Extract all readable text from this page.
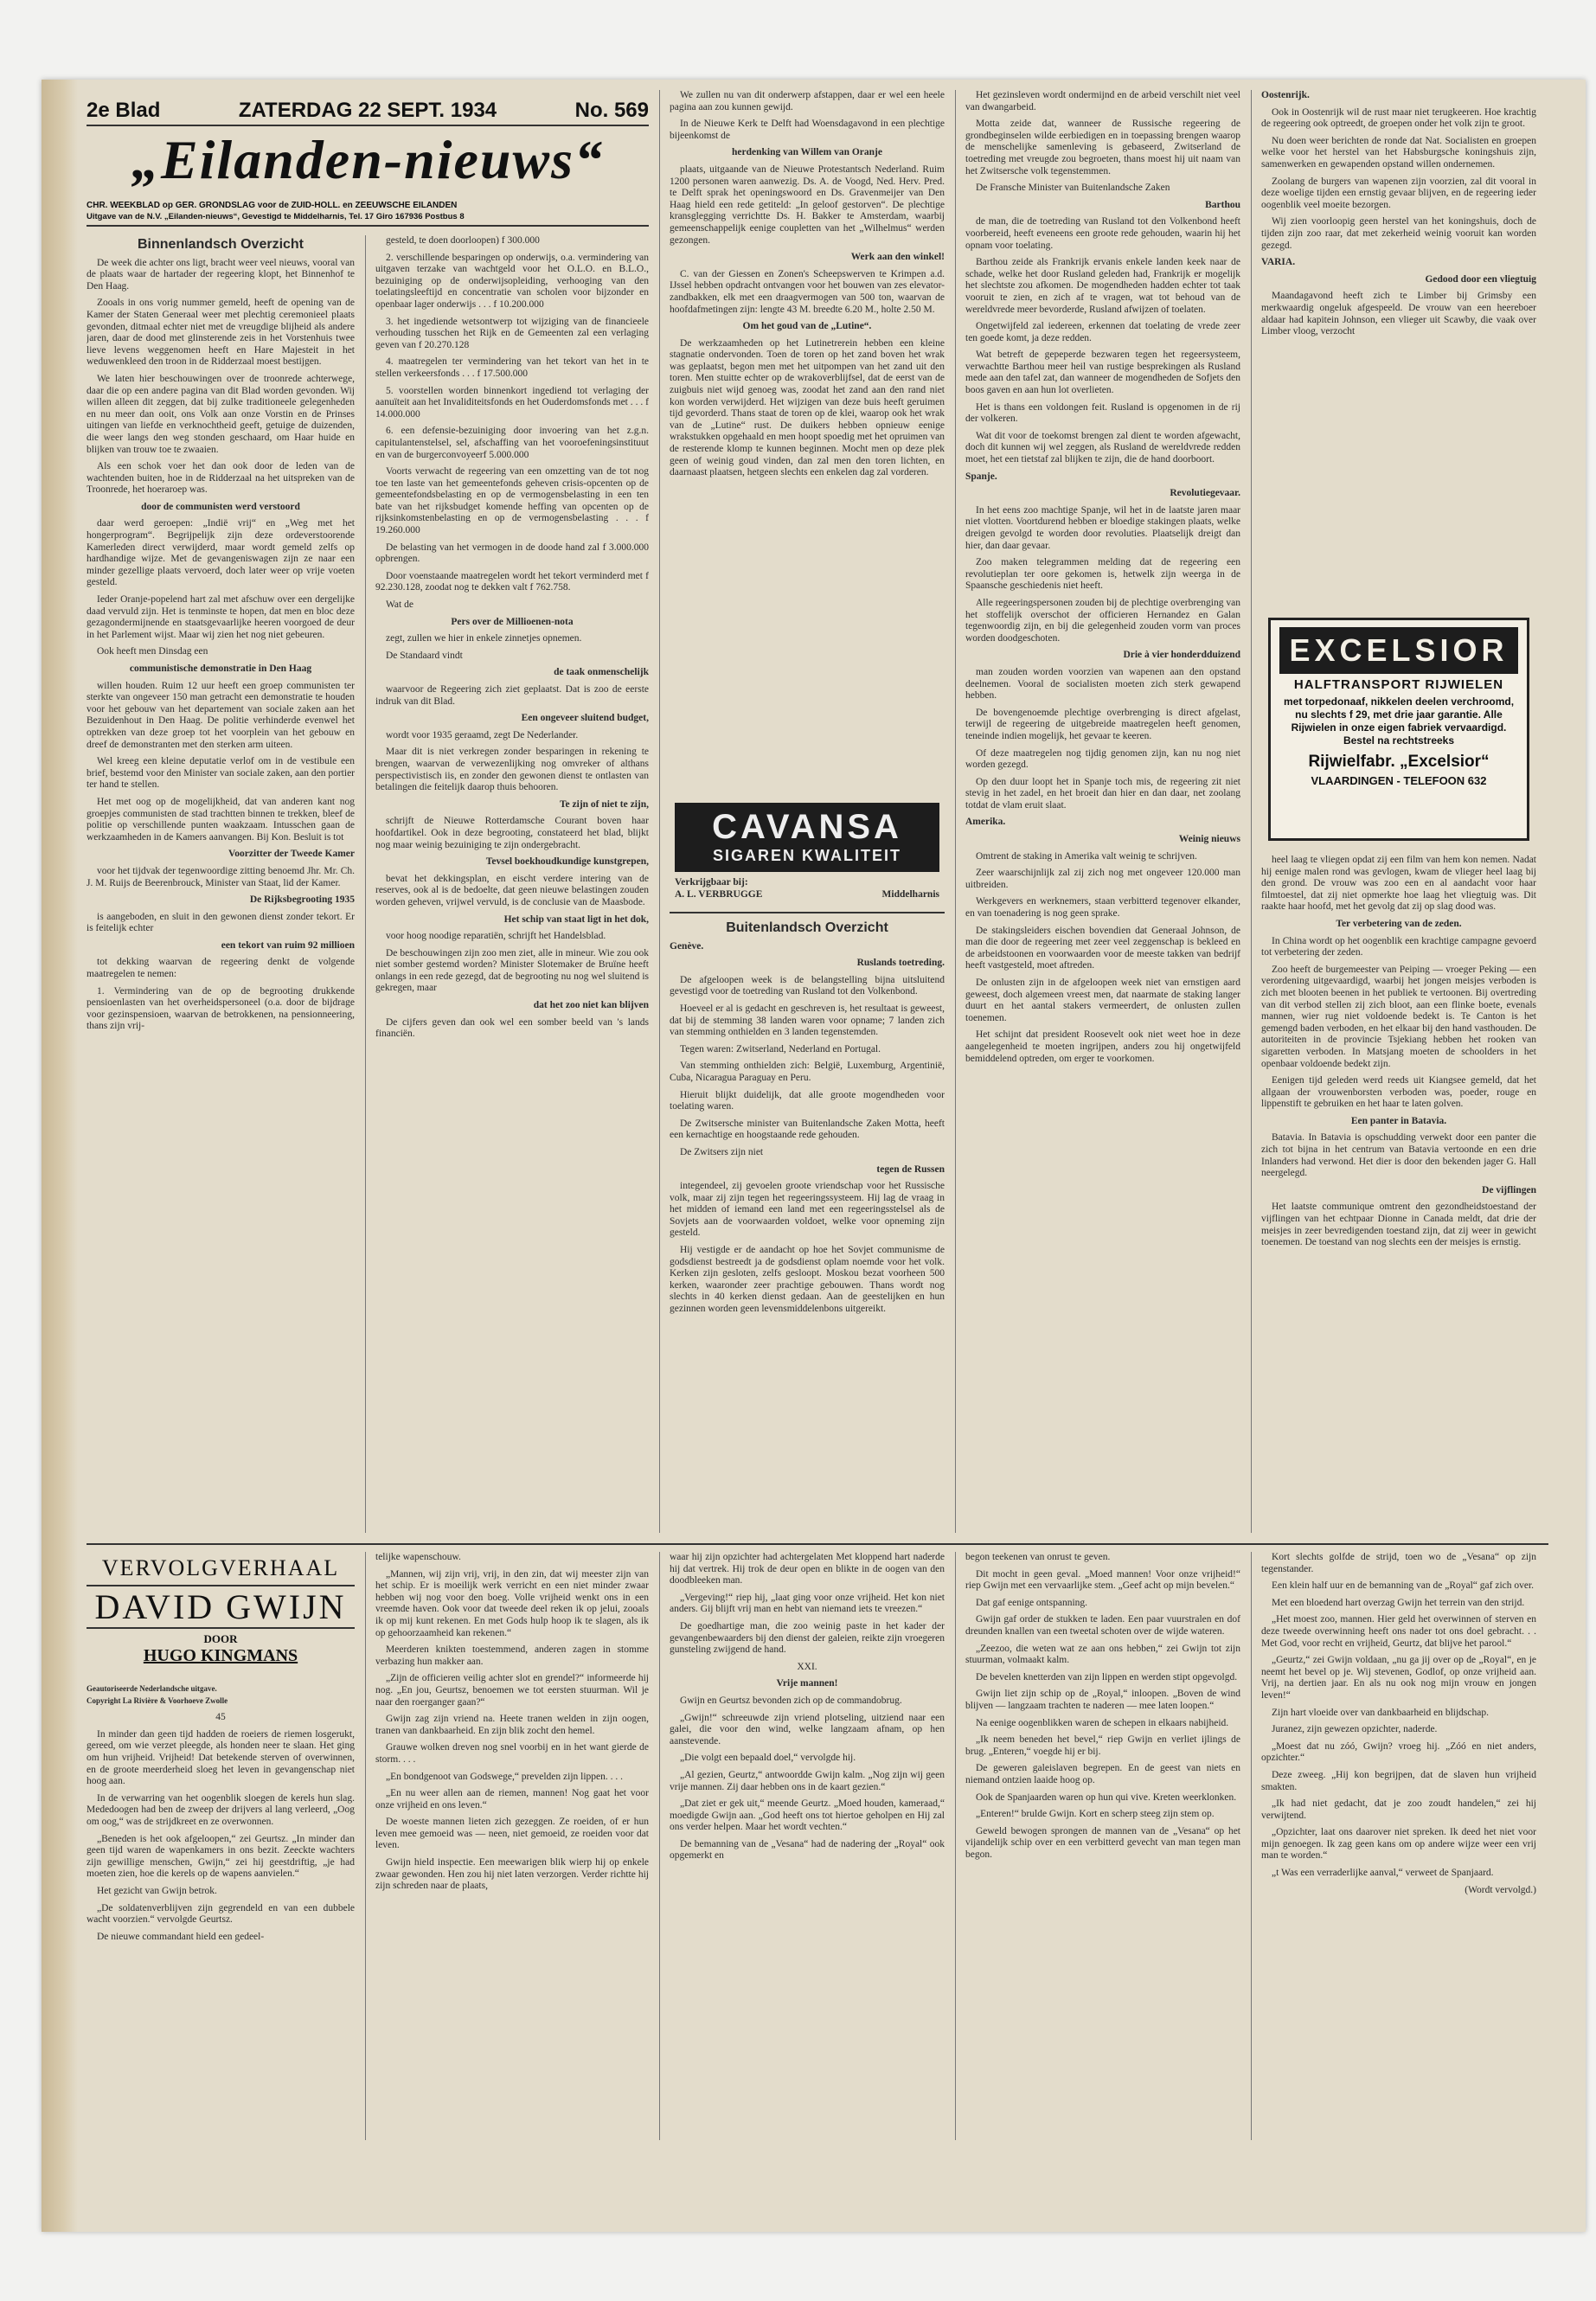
2e Blad	ZATERDAG 22 SEPT. 1934	No. 569
„Eilanden-nieuws“
CHR. WEEKBLAD op GER. GRONDSLAG voor de ZUID-HOLL. en ZEEUWSCHE EILANDEN
Uitgave van de N.V. „Eilanden-nieuws“, Gevestigd te Middelharnis, Tel. 17 Giro 167936 Postbus 8
Binnenlandsch Overzicht

De week die achter ons ligt, bracht weer veel nieuws, vooral van de plaats waar de hartader der regeering klopt, het Binnenhof te Den Haag.

Zooals in ons vorig nummer gemeld, heeft de opening van de Kamer der Staten Generaal weer met plechtig ceremonieel plaats gevonden, ditmaal echter niet met de vreugdige blijheid als andere jaren, daar de dood met glinsterende zeis in het Vorstenhuis twee lieve levens weggenomen heeft en Hare Majesteit in het weduwenkleed den troon in de Ridderzaal moest bestijgen.

We laten hier beschouwingen over de troonrede achterwege, daar die op een andere pagina van dit Blad worden gevonden. Wij willen alleen dit zeggen, dat bij zulke traditioneele gelegenheden en nu meer dan ooit, ons Volk aan onze Vorstin en de Prinses uitingen van liefde en verknochtheid geeft, getuige de duizenden, die weer langs den weg stonden geschaard, om Haar huide en blijken van trouw toe te zwaaien.

Als een schok voer het dan ook door de leden van de wachtenden buiten, hoe in de Ridderzaal na het uitspreken van de Troonrede, het hoeraroep was.

door de communisten werd verstoord

daar werd geroepen: „Indië vrij“ en „Weg met het hongerprogram“. Begrijpelijk zijn deze ordeverstoorende Kamerleden direct verwijderd, maar wordt gemeld zelfs op hardhandige wijze. Met de gevangeniswagen zijn ze naar een minder gezellige plaats vervoerd, doch later weer op vrije voeten gesteld.

Ieder Oranje-popelend hart zal met afschuw over een dergelijke daad vervuld zijn. Het is tenminste te hopen, dat men en bloc deze gezagondermijnende en staatsgevaarlijke heeren voorgoed de deur in het Parlement wijst. Maar wij zien het nog niet gebeuren.

Ook heeft men Dinsdag een

communistische demonstratie in Den Haag

willen houden. Ruim 12 uur heeft een groep communisten ter sterkte van ongeveer 150 man getracht een demonstratie te houden voor het gebouw van het departement van sociale zaken aan het Bezuidenhout in Den Haag. De politie verhinderde evenwel het optrekken van deze groep tot het voorplein van het gebouw en dreef de demonstranten met den sterken arm uiteen.

Wel kreeg een kleine deputatie verlof om in de vestibule een brief, bestemd voor den Minister van sociale zaken, aan den portier ter hand te stellen.

Het met oog op de mogelijkheid, dat van anderen kant nog groepjes communisten de stad trachtten binnen te trekken, bleef de politie op verschillende punten waakzaam. Intusschen gaan de werkzaamheden in de Kamers aanvangen. Bij Kon. Besluit is tot

Voorzitter der Tweede Kamer

voor het tijdvak der tegenwoordige zitting benoemd Jhr. Mr. Ch. J. M. Ruijs de Beerenbrouck, Minister van Staat, lid der Kamer.

De Rijksbegrooting 1935

is aangeboden, en sluit in den gewonen dienst zonder tekort. Er is feitelijk echter

een tekort van ruim 92 millioen

tot dekking waarvan de regeering denkt de volgende maatregelen te nemen:

1. Vermindering van de op de begrooting drukkende pensioenlasten van het overheidspersoneel (o.a. door de bijdrage voor gezinspensioen, waarvan de betrokkenen, na pensionneering, thans zijn vrij-

gesteld, te doen doorloopen) f 300.000

2. verschillende besparingen op onderwijs, o.a. vermindering van uitgaven terzake van wachtgeld voor het O.L.O. en B.L.O., bezuiniging op de onderwijsopleiding, verhooging van den toelatingsleeftijd en concentratie van scholen voor bijzonder en openbaar lager onderwijs . . . f 10.200.000

3. het ingediende wetsontwerp tot wijziging van de financieele verhouding tusschen het Rijk en de Gemeenten zal een verlaging geven van f 20.270.128

4. maatregelen ter vermindering van het tekort van het in te stellen verkeersfonds . . . f 17.500.000

5. voorstellen worden binnenkort ingediend tot verlaging der aanuïteit aan het Invaliditeitsfonds en het Ouderdomsfonds met . . . f 14.000.000

6. een defensie-bezuiniging door invoering van het z.g.n. capitulantenstelsel, sel, afschaffing van het vooroefeningsinstituut en van de burgerconvoyeerf 5.000.000

Voorts verwacht de regeering van een omzetting van de tot nog toe ten laste van het gemeentefonds geheven crisis-opcenten op de gemeentefondsbelasting en op de vermogensbelasting in een ten bate van het rijksbudget komende heffing van opcenten op de rijksinkomstenbelasting en op de vermogensbelasting . . . f 19.260.000

De belasting van het vermogen in de doode hand zal f 3.000.000 opbrengen.

Door voenstaande maatregelen wordt het tekort verminderd met f 92.230.128, zoodat nog te dekken valt f 762.758.

Wat de

Pers over de Millioenen-nota

zegt, zullen we hier in enkele zinnetjes opnemen.

De Standaard vindt

de taak onmenschelijk

waarvoor de Regeering zich ziet geplaatst. Dat is zoo de eerste indruk van dit Blad.

Een ongeveer sluitend budget,

wordt voor 1935 geraamd, zegt De Nederlander.

Maar dit is niet verkregen zonder besparingen in rekening te brengen, waarvan de verwezenlijking nog omvreker of althans perspectivistisch iis, en zonder den gewonen dienst te ontlasten van betalingen die feitelijk daarop thuis behooren.

Te zijn of niet te zijn,

schrijft de Nieuwe Rotterdamsche Courant boven haar hoofdartikel. Ook in deze begrooting, constateerd het blad, blijkt nog maar weinig bezuiniging te zijn ondergebracht.

Tevsel boekhoudkundige kunstgrepen,

bevat het dekkingsplan, en eischt verdere intering van de reserves, ook al is de bedoelte, dat geen nieuwe belastingen zouden worden geheven, vrijwel vervuld, is de conclusie van de Maasbode.

Het schip van staat ligt in het dok,

voor hoog noodige reparatiën, schrijft het Handelsblad.

De beschouwingen zijn zoo men ziet, alle in mineur. Wie zou ook niet somber gestemd worden? Minister Slotemaker de Bruïne heeft onlangs in een rede gezegd, dat de begrooting nu nog wel sluitend is gekregen, maar

dat het zoo niet kan blijven

De cijfers geven dan ook wel een somber beeld van 's lands financiën.

We zullen nu van dit onderwerp afstappen, daar er wel een heele pagina aan zou kunnen gewijd.

In de Nieuwe Kerk te Delft had Woensdagavond in een plechtige bijeenkomst de

herdenking van Willem van Oranje

plaats, uitgaande van de Nieuwe Protestantsch Nederland. Ruim 1200 personen waren aanwezig. Ds. A. de Voogd, Ned. Herv. Pred. te Delft sprak het openingswoord en Ds. Gravenmeijer van Den Haag hield een rede getiteld: „In geloof gestorven“. De plechtige kransglegging verrichtte Ds. H. Bakker te Amsterdam, waarbij gemeenschappelijk eenige coupletten van het „Wilhelmus“ werden gezongen.

Werk aan den winkel!

C. van der Giessen en Zonen's Scheepswerven te Krimpen a.d. IJssel hebben opdracht ontvangen voor het bouwen van zes elevator-zandbakken, elk met een draagvermogen van 500 ton, waarvan de hoofdafmetingen zijn: lengte 43 M. breedte 6.20 M., holte 2.50 M.

Om het goud van de „Lutine“.

De werkzaamheden op het Lutinetrerein hebben een kleine stagnatie ondervonden. Toen de toren op het zand boven het wrak was geplaatst, begon men met het uitpompen van het zand uit den toren. Men stuitte echter op de wrakoverblijfsel, dat de eerst van de zuigbuis niet wijd genoeg was, zoodat het zand aan den rand niet kon worden verwijderd. Het wijzigen van deze buis heeft geruimen tijd gevorderd. Thans staat de toren op de klei, waarop ook het wrak van de „Lutine“ rust. De duikers hebben opnieuw eenige wrakstukken opgehaald en men hoopt spoedig met het opruimen van de resterende klomp te kunnen beginnen. Mocht men op deze plek geen of weinig goud vinden, dan zal men den toren lichten, en daarnaast plaatsen, hetgeen slechts een enkelen dag zal vorderen.

CAVANSA
SIGAREN KWALITEIT
Verkrijgbaar bij:
A. L. VERBRUGGE	Middelharnis
Buitenlandsch Overzicht

Genève.

Ruslands toetreding.

De afgeloopen week is de belangstelling bijna uitsluitend gevestigd voor de toetreding van Rusland tot den Volkenbond.

Hoeveel er al is gedacht en geschreven is, het resultaat is geweest, dat bij de stemming 38 landen waren voor opname; 7 landen zich van stemming onthielden en 3 landen tegenstemden.

Tegen waren: Zwitserland, Nederland en Portugal.

Van stemming onthielden zich: België, Luxemburg, Argentinië, Cuba, Nicaragua Paraguay en Peru.

Hieruit blijkt duidelijk, dat alle groote mogendheden voor toelating waren.

De Zwitsersche minister van Buitenlandsche Zaken Motta, heeft een kernachtige en hoogstaande rede gehouden.

De Zwitsers zijn niet

tegen de Russen

integendeel, zij gevoelen groote vriendschap voor het Russische volk, maar zij zijn tegen het regeeringssysteem. Hij lag de vraag in het midden of iemand een land met een regeeringsstelsel als de Sovjets aan de voorwaarden voldoet, welke voor opneming zijn gesteld.

Hij vestigde er de aandacht op hoe het Sovjet communisme de godsdienst bestreedt ja de godsdienst oplam noemde voor het volk. Kerken zijn gesloten, zelfs gesloopt. Moskou bezat voorheen 500 kerken, waaronder zeer prachtige gebouwen. Thans wordt nog slechts in 40 kerken dienst gedaan. Aan de geestelijken en hun gezinnen worden geen levensmiddelenbons uitgereikt.

Het gezinsleven wordt ondermijnd en de arbeid verschilt niet veel van dwangarbeid.

Motta zeide dat, wanneer de Russische regeering de grondbeginselen wilde eerbiedigen en in toepassing brengen waarop de menschelijke samenleving is gebaseerd, Zwitserland de toetreding met vreugde zou begroeten, thans moest hij uit naam van het Zwitsersche volk tegenstemmen.

De Fransche Minister van Buitenlandsche Zaken

Barthou

de man, die de toetreding van Rusland tot den Volkenbond heeft voorbereid, heeft eveneens een groote rede gehouden, waarin hij het opnam voor toelating.

Barthou zeide als Frankrijk ervanis enkele landen keek naar de schade, welke het door Rusland geleden had, Frankrijk er mogelijk het slechtste zou afkomen. De mogendheden hadden echter tot taak vooruit te zien, en zich af te vragen, wat tot behoud van de wereldvrede meer bevorderde, Rusland afwijzen of toelaten.

Ongetwijfeld zal iedereen, erkennen dat toelating de vrede zeer ten goede komt, ja deze redden.

Wat betreft de gepeperde bezwaren tegen het regeersysteem, verwachtte Barthou meer heil van rustige besprekingen als Rusland mede aan den tafel zat, dan wanneer de mogendheden de Sofjets den boos gaven en aan hun lot overlieten.

Het is thans een voldongen feit. Rusland is opgenomen in de rij der volkeren.

Wat dit voor de toekomst brengen zal dient te worden afgewacht, doch dit kunnen wij wel zeggen, als Rusland de wereldvrede redden moet, het een tietstaf zal blijken te zijn, die de hand doorboort.

Spanje.

Revolutiegevaar.

In het eens zoo machtige Spanje, wil het in de laatste jaren maar niet vlotten. Voortdurend hebben er bloedige stakingen plaats, welke dreigen gevolgd te worden door revoluties. Plaatselijk dreigt dan hier, dan daar gevaar.

Zoo maken telegrammen melding dat de regeering een revolutieplan ter oore gekomen is, hetwelk zijn weerga in de Spaansche geschiedenis niet heeft.

Alle regeeringspersonen zouden bij de plechtige overbrenging van het stoffelijk overschot der officieren Hernandez en Galan tegenwoordig zijn, en bij die gelegenheid zouden vorm van proces worden doodgeschoten.

Drie à vier honderdduizend

man zouden worden voorzien van wapenen aan den opstand deelnemen. Vooral de socialisten moeten zich sterk gewapend hebben.

De bovengenoemde plechtige overbrenging is direct afgelast, terwijl de regeering de uitgebreide maatregelen heeft genomen, teneinde indien mogelijk, het gevaar te keeren.

Of deze maatregelen nog tijdig genomen zijn, kan nu nog niet worden gezegd.

Op den duur loopt het in Spanje toch mis, de regeering zit niet stevig in het zadel, en het broeit dan hier en dan daar, net zoolang totdat de vlam eruit slaat.

Amerika.

Weinig nieuws

Omtrent de staking in Amerika valt weinig te schrijven.

Zeer waarschijnlijk zal zij zich nog met ongeveer 120.000 man uitbreiden.

Werkgevers en werknemers, staan verbitterd tegenover elkander, en van toenadering is nog geen sprake.

De stakingsleiders eischen bovendien dat Generaal Johnson, de man die door de regeering met zeer veel zeggenschap is bekleed en de arbeidstoonen en voorwaarden voor de meeste takken van bedrijf heeft vastgesteld, moet aftreden.

De onlusten zijn in de afgeloopen week niet van ernstigen aard geweest, doch algemeen vreest men, dat naarmate de staking langer duurt en het aantal stakers vermeerdert, de onlusten zullen toenemen.

Het schijnt dat president Roosevelt ook niet weet hoe in deze aangelegenheid te moeten ingrijpen, anders zou hij ongetwijfeld bemiddelend optreden, om erger te voorkomen.

Oostenrijk.

Ook in Oostenrijk wil de rust maar niet terugkeeren. Hoe krachtig de regeering ook optreedt, de groepen onder het volk zijn te groot.

Nu doen weer berichten de ronde dat Nat. Socialisten en groepen welke voor het herstel van het Habsburgsche koningshuis zijn, samenwerken en gewapenden opstand willen ondernemen.

Zoolang de burgers van wapenen zijn voorzien, zal dit vooral in deze woelige tijden een ernstig gevaar blijven, en de regeering ieder oogenblik veel moeite bezorgen.

Wij zien voorloopig geen herstel van het koningshuis, doch de tijden zijn zoo raar, dat met zekerheid weinig vooruit kan worden gezegd.

VARIA.

Gedood door een vliegtuig

Maandagavond heeft zich te Limber bij Grimsby een merkwaardig ongeluk afgespeeld. De vrouw van een heereboer aldaar had kapitein Johnson, een vlieger uit Scawby, die vaak over Limber vloog, verzocht

EXCELSIOR
HALFTRANSPORT RIJWIELEN
met torpedonaaf, nikkelen deelen verchroomd, nu slechts f 29, met drie jaar garantie. Alle Rijwielen in onze eigen fabriek vervaardigd. Bestel na rechtstreeks
Rijwielfabr. „Excelsior“
VLAARDINGEN - TELEFOON 632

heel laag te vliegen opdat zij een film van hem kon nemen. Nadat hij eenige malen rond was gevlogen, kwam de vlieger heel laag bij den grond. De vrouw was zoo een en al aandacht voor haar filmtoestel, dat zij niet opmerkte hoe laag het vliegtuig was. Dit raakte haar hoofd, met het gevolg dat zij op slag dood was.

Ter verbetering van de zeden.

In China wordt op het oogenblik een krachtige campagne gevoerd tot verbetering der zeden.

Zoo heeft de burgemeester van Peiping — vroeger Peking — een verordening uitgevaardigd, waarbij het jongen meisjes verboden is zich met blooten beenen in het publiek te vertoonen. Bij overtreding van dit verbod stellen zij zich bloot, aan een flinke boete, evenals mannen, wier rug niet voldoende bedekt is. Te Canton is het gemengd baden verboden, en het elkaar bij den hand vasthouden. De autoriteiten in de provincie Tsjekiang hebben het rooken van sigaretten verboden. In Matsjang moeten de schoolders in het openbaar voldoende bedekt zijn.

Eenigen tijd geleden werd reeds uit Kiangsee gemeld, dat het allgaan der vrouwenborsten verboden was, poeder, rouge en lippenstift te gebruiken en het haar te laten golven.

Een panter in Batavia.

Batavia. In Batavia is opschudding verwekt door een panter die zich tot bijna in het centrum van Batavia vertoonde en een drie Inlanders had verwond. Het dier is door den bekenden jager G. Hall neergelegd.

De vijflingen

Het laatste communique omtrent den gezondheidstoestand der vijflingen van het echtpaar Dionne in Canada meldt, dat drie der meisjes in zeer bevredigenden toestand zijn, dat zij weer in gewicht toenemen. De toestand van nog slechts een der meisjes is ernstig.

VERVOLGVERHAAL
DAVID GWIJN
DOOR
HUGO KINGMANS
Geautoriseerde Nederlandsche uitgave.
Copyright La Rivière & Voorhoeve Zwolle
45

In minder dan geen tijd hadden de roeiers de riemen losgerukt, gereed, om wie verzet pleegde, als honden neer te slaan. Het ging om hun vrijheid. Vrijheid! Dat betekende sterven of overwinnen, en de groote meerderheid sloeg het leven in gevangenschap niet hoog aan.

In de verwarring van het oogenblik sloegen de kerels hun slag. Mededoogen had ben de zweep der drijvers al lang verleerd, „Oog om oog,“ was de strijdkreet en ze overwonnen.

„Beneden is het ook afgeloopen,“ zei Geurtsz. „In minder dan geen tijd waren de wapenkamers in ons bezit. Zeeckte wachters zijn gewillige menschen, Gwijn,“ zei hij geestdriftig, „je had moeten zien, hoe die kerels op de wapens aanvielen.“

Het gezicht van Gwijn betrok.

„De soldatenverblijven zijn gegrendeld en van een dubbele wacht voorzien.“ vervolgde Geurtsz.

De nieuwe commandant hield een gedeel-

telijke wapenschouw.

„Mannen, wij zijn vrij, vrij, in den zin, dat wij meester zijn van het schip. Er is moeilijk werk verricht en een niet minder zwaar hebben wij nog voor den boeg. Volle vrijheid wenkt ons in een vreemde haven. Ook voor dat tweede deel reken ik op jelui, zooals ik op mij kunt rekenen. En met Gods hulp hoop ik te slagen, als ik op gehoorzaamheid kan rekenen.“

Meerderen knikten toestemmend, anderen zagen in stomme verbazing hun makker aan.

„Zijn de officieren veilig achter slot en grendel?“ informeerde hij nog. „En jou, Geurtsz, benoemen we tot eersten stuurman. Wil je naar den roerganger gaan?“

Gwijn zag zijn vriend na. Heete tranen welden in zijn oogen, tranen van dankbaarheid. En zijn blik zocht den hemel.

Grauwe wolken dreven nog snel voorbij en in het want gierde de storm. . . .

„En bondgenoot van Godswege,“ prevelden zijn lippen. . . .

„En nu weer allen aan de riemen, mannen! Nog gaat het voor onze vrijheid en ons leven.“

De woeste mannen lieten zich gezeggen. Ze roeiden, of er hun leven mee gemoeid was — neen, niet gemoeid, ze roeiden voor dat leven.

Gwijn hield inspectie. Een meewarigen blik wierp hij op enkele zwaar gewonden. Hen zou hij niet laten verzorgen. Verder richtte hij zijn schreden naar de plaats,

waar hij zijn opzichter had achtergelaten Met kloppend hart naderde hij dat vertrek. Hij trok de deur open en blikte in de oogen van den doodbleeken man.

„Vergeving!“ riep hij, „laat ging voor onze vrijheid. Het kon niet anders. Gij blijft vrij man en hebt van niemand iets te vreezen.“

De goedhartige man, die zoo weinig paste in het kader der gevangenbewaarders bij den dienst der galeien, reikte zijn vroegeren gunsteling zwijgend de hand.

XXI.

Vrije mannen!

Gwijn en Geurtsz bevonden zich op de commandobrug.

„Gwijn!“ schreeuwde zijn vriend plotseling, uitziend naar een galei, die voor den wind, welke langzaam afnam, op hen aanstevende.

„Die volgt een bepaald doel,“ vervolgde hij.

„Al gezien, Geurtz,“ antwoordde Gwijn kalm. „Nog zijn wij geen vrije mannen. Zij daar hebben ons in de kaart gezien.“

„Dat ziet er gek uit,“ meende Geurtz. „Moed houden, kameraad,“ moedigde Gwijn aan. „God heeft ons tot hiertoe geholpen en Hij zal ons verder helpen. Maar het wordt vechten.“

De bemanning van de „Vesana“ had de nadering der „Royal“ ook opgemerkt en

begon teekenen van onrust te geven.

Dit mocht in geen geval. „Moed mannen! Voor onze vrijheid!“ riep Gwijn met een vervaarlijke stem. „Geef acht op mijn bevelen.“

Dat gaf eenige ontspanning.

Gwijn gaf order de stukken te laden. Een paar vuurstralen en dof dreunden knallen van een tweetal schoten over de wijde wateren.

„Zeezoo, die weten wat ze aan ons hebben,“ zei Gwijn tot zijn stuurman, volmaakt kalm.

De bevelen knetterden van zijn lippen en werden stipt opgevolgd.

Gwijn liet zijn schip op de „Royal,“ inloopen. „Boven de wind blijven — langzaam trachten te naderen — mee laten loopen.“

Na eenige oogenblikken waren de schepen in elkaars nabijheid.

„Ik neem beneden het bevel,“ riep Gwijn en verliet ijlings de brug. „Enteren,“ voegde hij er bij.

De geweren galeislaven begrepen. En de geest van niets en niemand ontzien laaide hoog op.

Ook de Spanjaarden waren op hun qui vive. Kreten weerklonken.

„Enteren!“ brulde Gwijn. Kort en scherp steeg zijn stem op.

Geweld bewogen sprongen de mannen van de „Vesana“ op het vijandelijk schip over en een verbitterd gevecht van man tegen man begon.

Kort slechts golfde de strijd, toen wo de „Vesana“ op zijn tegenstander.

Een klein half uur en de bemanning van de „Royal“ gaf zich over.

Met een bloedend hart overzag Gwijn het terrein van den strijd.

„Het moest zoo, mannen. Hier geld het overwinnen of sterven en deze tweede overwinning heeft ons nader tot ons doel gebracht. . . Met God, voor recht en vrijheid, Geurtz, dat blijve het parool.“

„Geurtz,“ zei Gwijn voldaan, „nu ga jij over op de „Royal“, en je neemt het bevel op je. Wij stevenen, Godlof, op onze vrijheid aan. Vrij, na dertien jaar. En als nu ook nog mijn vrouw en jongen leven!“

Zijn hart vloeide over van dankbaarheid en blijdschap.

Juranez, zijn gewezen opzichter, naderde.

„Moest dat nu zóó, Gwijn? vroeg hij. „Zóó en niet anders, opzichter.“

Deze zweeg. „Hij kon begrijpen, dat de slaven hun vrijheid smakten.

„Ik had niet gedacht, dat je zoo zoudt handelen,“ zei hij verwijtend.

„Opzichter, laat ons daarover niet spreken. Ik deed het niet voor mijn genoegen. Ik zag geen kans om op andere wijze weer een vrij man te worden.“

„t Was een verraderlijke aanval,“ verweet de Spanjaard.

(Wordt vervolgd.)
